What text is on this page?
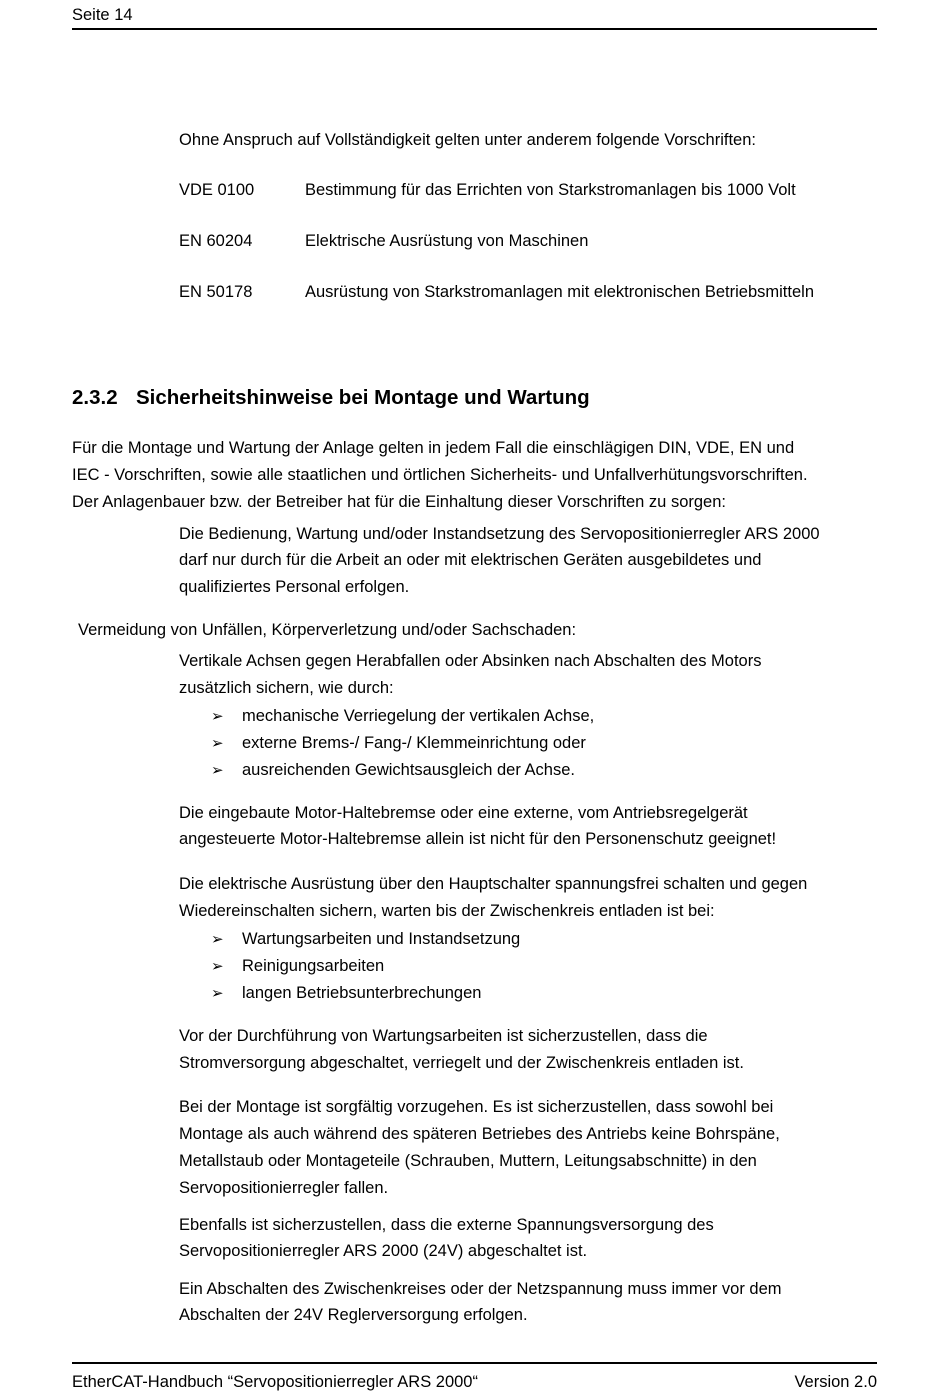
Seite 14
Ohne Anspruch auf Vollständigkeit gelten unter anderem folgende Vorschriften:
VDE 0100	Bestimmung für das Errichten von Starkstromanlagen bis 1000 Volt
EN 60204	Elektrische Ausrüstung von Maschinen
EN 50178	Ausrüstung von Starkstromanlagen mit elektronischen Betriebsmitteln
2.3.2 Sicherheitshinweise bei Montage und Wartung
Für die Montage und Wartung der Anlage gelten in jedem Fall die einschlägigen DIN, VDE, EN und
IEC - Vorschriften, sowie alle staatlichen und örtlichen Sicherheits- und Unfallverhütungsvorschriften.
Der Anlagenbauer bzw. der Betreiber hat für die Einhaltung dieser Vorschriften zu sorgen:
Die Bedienung, Wartung und/oder Instandsetzung des Servopositionierregler ARS 2000
darf nur durch für die Arbeit an oder mit elektrischen Geräten ausgebildetes und
qualifiziertes Personal erfolgen.
Vermeidung von Unfällen, Körperverletzung und/oder Sachschaden:
Vertikale Achsen gegen Herabfallen oder Absinken nach Abschalten des Motors
zusätzlich sichern, wie durch:
➢ mechanische Verriegelung der vertikalen Achse,
➢ externe Brems-/ Fang-/ Klemmeinrichtung oder
➢ ausreichenden Gewichtsausgleich der Achse.
Die eingebaute Motor-Haltebremse oder eine externe, vom Antriebsregelgerät
angesteuerte Motor-Haltebremse allein ist nicht für den Personenschutz geeignet!
Die elektrische Ausrüstung über den Hauptschalter spannungsfrei schalten und gegen
Wiedereinschalten sichern, warten bis der Zwischenkreis entladen ist bei:
➢ Wartungsarbeiten und Instandsetzung
➢ Reinigungsarbeiten
➢ langen Betriebsunterbrechungen
Vor der Durchführung von Wartungsarbeiten ist sicherzustellen, dass die
Stromversorgung abgeschaltet, verriegelt und der Zwischenkreis entladen ist.
Bei der Montage ist sorgfältig vorzugehen. Es ist sicherzustellen, dass sowohl bei
Montage als auch während des späteren Betriebes des Antriebs keine Bohrspäne,
Metallstaub oder Montageteile (Schrauben, Muttern, Leitungsabschnitte) in den
Servopositionierregler fallen.
Ebenfalls ist sicherzustellen, dass die externe Spannungsversorgung des
Servopositionierregler ARS 2000 (24V) abgeschaltet ist.
Ein Abschalten des Zwischenkreises oder der Netzspannung muss immer vor dem
Abschalten der 24V Reglerversorgung erfolgen.
EtherCAT-Handbuch “Servopositionierregler ARS 2000“	Version 2.0
